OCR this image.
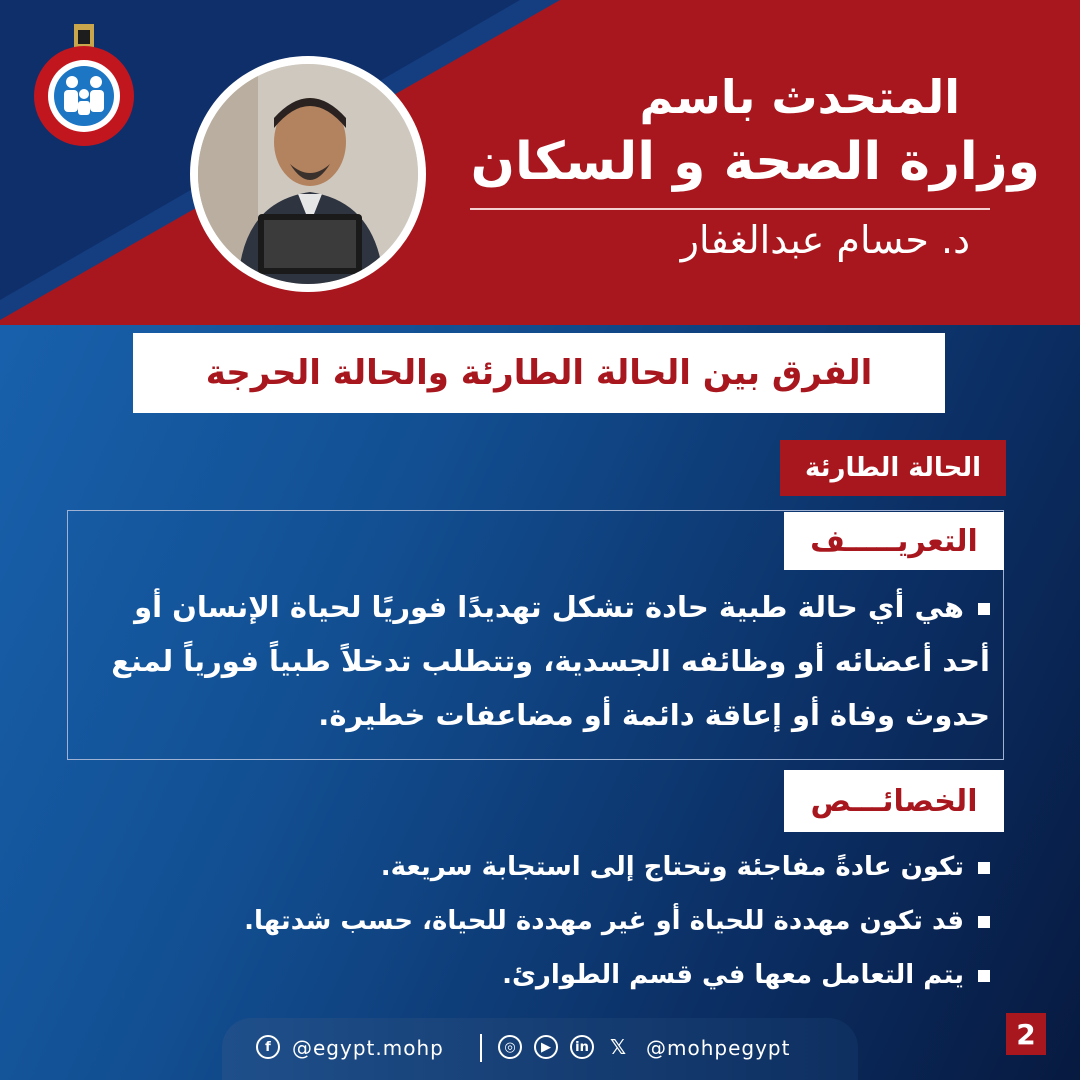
المتحدث باسم
وزارة الصحة و السكان
د. حسام عبدالغفار
الفرق بين الحالة الطارئة والحالة الحرجة
الحالة الطارئة
التعريـــــف
هي أي حالة طبية حادة تشكل تهديدًا فوريًا لحياة الإنسان أو أحد أعضائه أو وظائفه الجسدية، وتتطلب تدخلاً طبياً فورياً لمنع حدوث وفاة أو إعاقة دائمة أو مضاعفات خطيرة.
الخصائـــص
تكون عادةً مفاجئة وتحتاج إلى استجابة سريعة.
قد تكون مهددة للحياة أو غير مهددة للحياة، حسب شدتها.
يتم التعامل معها في قسم الطوارئ.
f	@egypt.mohp	◎	▶	in 𝕏 @mohpegypt	2
